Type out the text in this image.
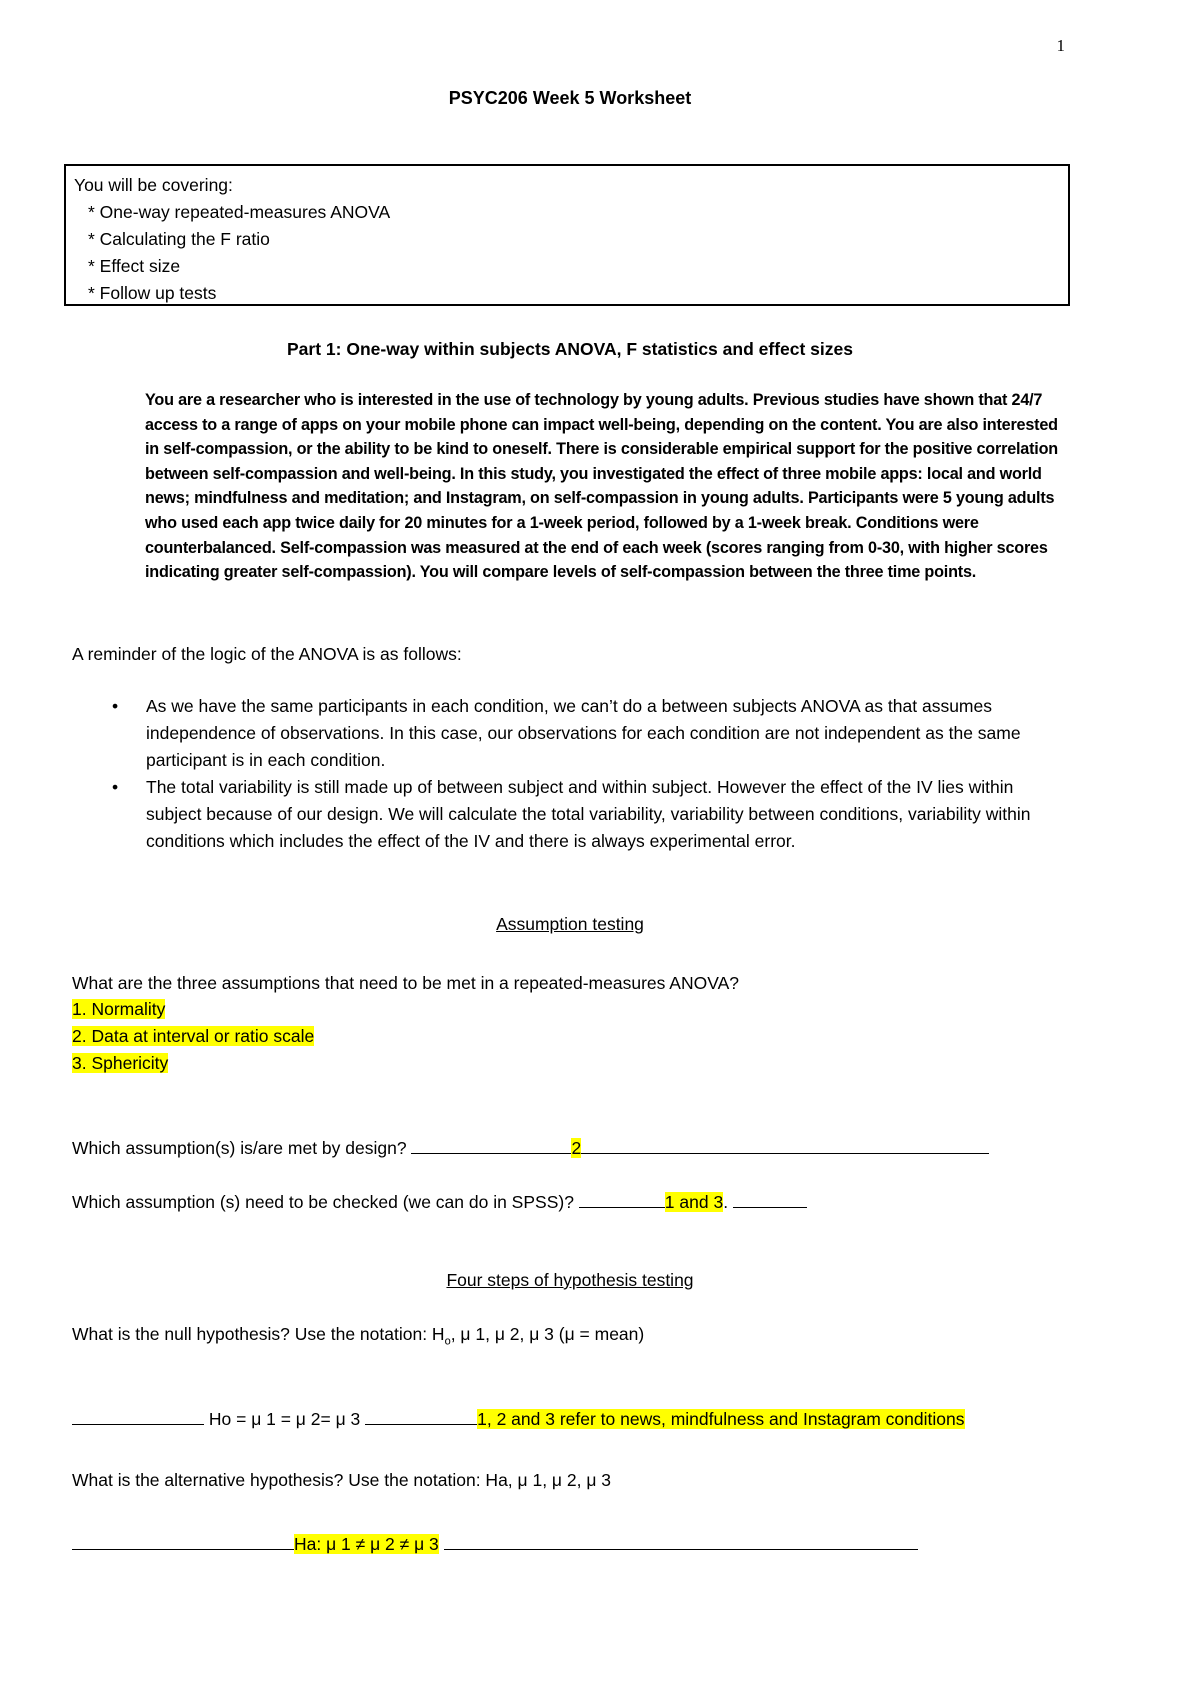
1
PSYC206 Week 5 Worksheet
You will be covering:
* One-way repeated-measures ANOVA
* Calculating the F ratio
* Effect size
* Follow up tests
Part 1: One-way within subjects ANOVA, F statistics and effect sizes
You are a researcher who is interested in the use of technology by young adults. Previous studies have shown that 24/7 access to a range of apps on your mobile phone can impact well-being, depending on the content. You are also interested in self-compassion, or the ability to be kind to oneself. There is considerable empirical support for the positive correlation between self-compassion and well-being. In this study, you investigated the effect of three mobile apps: local and world news; mindfulness and meditation; and Instagram, on self-compassion in young adults. Participants were 5 young adults who used each app twice daily for 20 minutes for a 1-week period, followed by a 1-week break. Conditions were counterbalanced. Self-compassion was measured at the end of each week (scores ranging from 0-30, with higher scores indicating greater self-compassion). You will compare levels of self-compassion between the three time points.
A reminder of the logic of the ANOVA is as follows:
• As we have the same participants in each condition, we can’t do a between subjects ANOVA as that assumes independence of observations. In this case, our observations for each condition are not independent as the same participant is in each condition.
• The total variability is still made up of between subject and within subject. However the effect of the IV lies within subject because of our design. We will calculate the total variability, variability between conditions, variability within conditions which includes the effect of the IV and there is always experimental error.
Assumption testing
What are the three assumptions that need to be met in a repeated-measures ANOVA?
1. Normality
2. Data at interval or ratio scale
3. Sphericity
Which assumption(s) is/are met by design?	2
Which assumption (s) need to be checked (we can do in SPSS)?	1 and 3.
Four steps of hypothesis testing
What is the null hypothesis? Use the notation: $H_o$, μ 1, μ 2, μ 3 (μ = mean)
Ho = μ 1 = μ 2= μ 3	1, 2 and 3 refer to news, mindfulness and Instagram conditions
What is the alternative hypothesis? Use the notation: Ha, μ 1, μ 2, μ 3
Ha: μ 1 ≠ μ 2 ≠ μ 3
